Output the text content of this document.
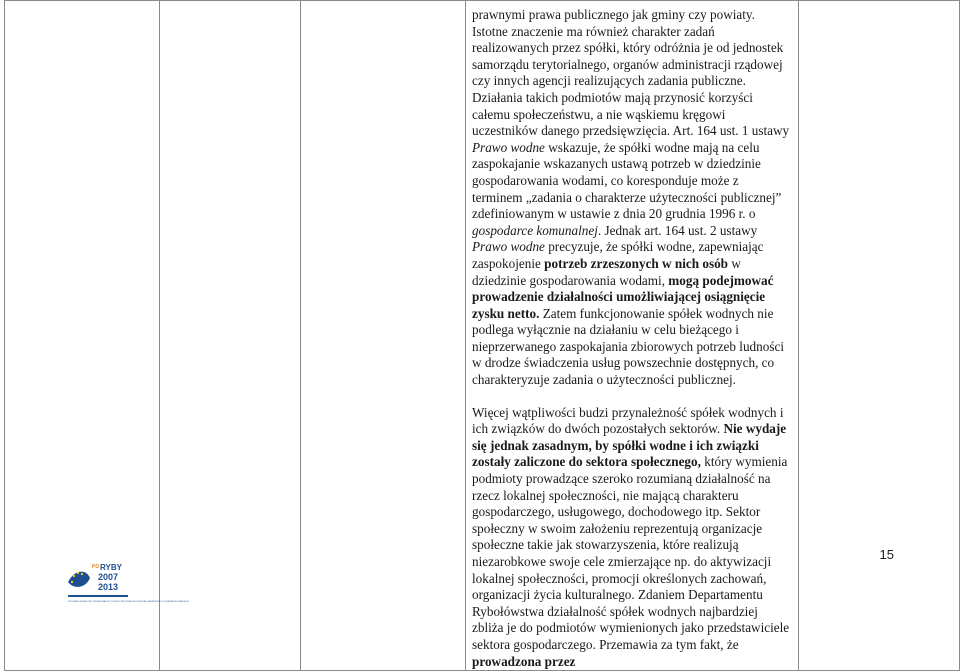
prawnymi prawa publicznego jak gminy czy powiaty. Istotne znaczenie ma również charakter zadań realizowanych przez spółki, który odróżnia je od jednostek samorządu terytorialnego, organów administracji rządowej czy innych agencji realizujących zadania publiczne. Działania takich podmiotów mają przynosić korzyści całemu społeczeństwu, a nie wąskiemu kręgowi uczestników danego przedsięwzięcia. Art. 164 ust. 1 ustawy Prawo wodne wskazuje, że spółki wodne mają na celu zaspokajanie wskazanych ustawą potrzeb w dziedzinie gospodarowania wodami, co koresponduje może z terminem „zadania o charakterze użyteczności publicznej” zdefiniowanym w ustawie z dnia 20 grudnia 1996 r. o gospodarce komunalnej. Jednak art. 164 ust. 2 ustawy Prawo wodne precyzuje, że spółki wodne, zapewniając zaspokojenie potrzeb zrzeszonych w nich osób w dziedzinie gospodarowania wodami, mogą podejmować prowadzenie działalności umożliwiającej osiągnięcie zysku netto. Zatem funkcjonowanie spółek wodnych nie podlega wyłącznie na działaniu w celu bieżącego i nieprzerwanego zaspokajania zbiorowych potrzeb ludności w drodze świadczenia usług powszechnie dostępnych, co charakteryzuje zadania o użyteczności publicznej.

Więcej wątpliwości budzi przynależność spółek wodnych i ich związków do dwóch pozostałych sektorów. Nie wydaje się jednak zasadnym, by spółki wodne i ich związki zostały zaliczone do sektora społecznego, który wymienia podmioty prowadzące szeroko rozumianą działalność na rzecz lokalnej społeczności, nie mającą charakteru gospodarczego, usługowego, dochodowego itp. Sektor społeczny w swoim założeniu reprezentują organizacje społeczne takie jak stowarzyszenia, które realizują niezarobkowe swoje cele zmierzające np. do aktywizacji lokalnej społeczności, promocji określonych zachowań, organizacji życia kulturalnego. Zdaniem Departamentu Rybołówstwa działalność spółek wodnych najbardziej zbliża je do podmiotów wymienionych jako przedstawiciele sektora gospodarczego. Przemawia za tym fakt, że prowadzona przez

15
PO RYBY
2007
2013
PROGRAM OPERACYJNY ZRÓWNOWAŻONY ROZWÓJ SEKTORA RYBOŁÓWSTWA I NADBRZEŻNYCH OBSZARÓW RYBACKICH
